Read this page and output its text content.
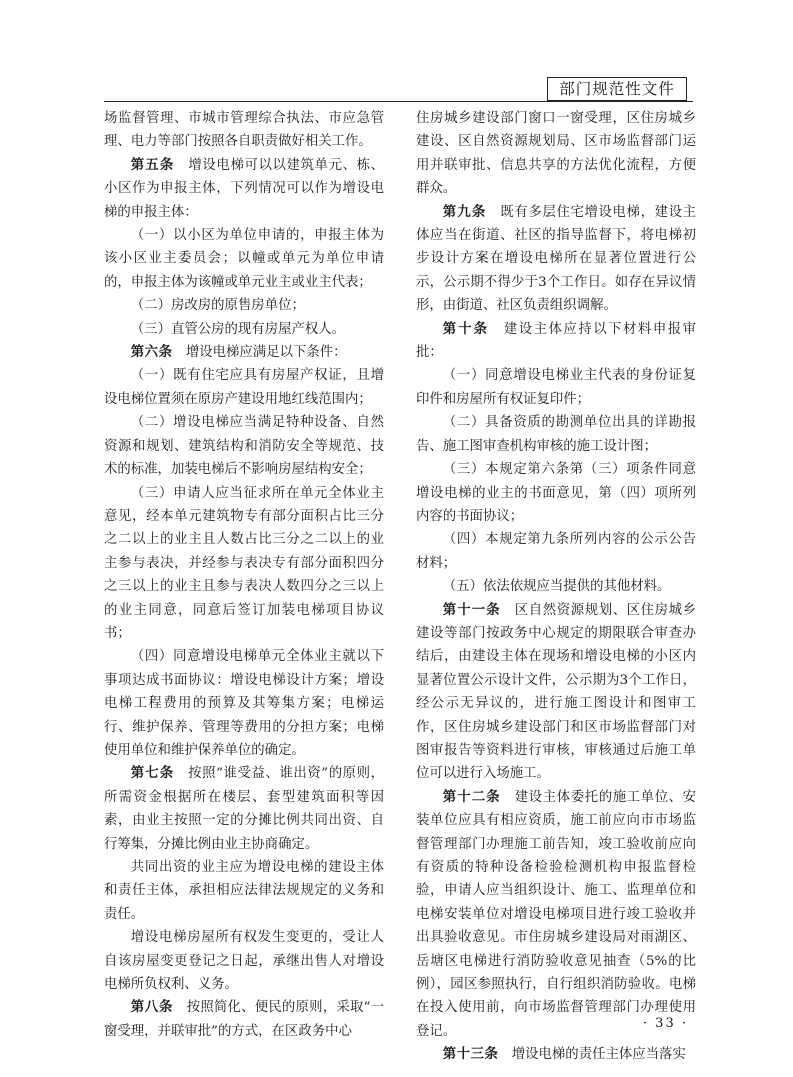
部门规范性文件

场监督管理、市城市管理综合执法、市应急管理、电力等部门按照各自职责做好相关工作。

第五条　 增设电梯可以以建筑单元、栋、小区作为申报主体，下列情况可以作为增设电梯的申报主体：

（一）以小区为单位申请的，申报主体为该小区业主委员会；以幢或单元为单位申请的，申报主体为该幢或单元业主或业主代表；

（二）房改房的原售房单位；

（三）直管公房的现有房屋产权人。

第六条　 增设电梯应满足以下条件：

（一）既有住宅应具有房屋产权证，且增设电梯位置须在原房产建设用地红线范围内；

（二）增设电梯应当满足特种设备、自然资源和规划、建筑结构和消防安全等规范、技术的标准，加装电梯后不影响房屋结构安全；

（三）申请人应当征求所在单元全体业主意见，经本单元建筑物专有部分面积占比三分之二以上的业主且人数占比三分之二以上的业主参与表决，并经参与表决专有部分面积四分之三以上的业主且参与表决人数四分之三以上的业主同意，同意后签订加装电梯项目协议书；

（四）同意增设电梯单元全体业主就以下事项达成书面协议：增设电梯设计方案；增设电梯工程费用的预算及其筹集方案；电梯运行、维护保养、管理等费用的分担方案；电梯使用单位和维护保养单位的确定。

第七条　 按照“谁受益、谁出资”的原则，所需资金根据所在楼层、套型建筑面积等因素，由业主按照一定的分摊比例共同出资、自行筹集，分摊比例由业主协商确定。

共同出资的业主应为增设电梯的建设主体和责任主体，承担相应法律法规规定的义务和责任。

增设电梯房屋所有权发生变更的，受让人自该房屋变更登记之日起，承继出售人对增设电梯所负权利、义务。

第八条　 按照简化、便民的原则，采取“一窗受理，并联审批”的方式，在区政务中心

住房城乡建设部门窗口一窗受理，区住房城乡建设、区自然资源规划局、区市场监督部门运用并联审批、信息共享的方法优化流程，方便群众。

第九条　 既有多层住宅增设电梯，建设主体应当在街道、社区的指导监督下，将电梯初步设计方案在增设电梯所在显著位置进行公示，公示期不得少于3个工作日。如存在异议情形，由街道、社区负责组织调解。

第十条　 建设主体应持以下材料申报审批：

（一）同意增设电梯业主代表的身份证复印件和房屋所有权证复印件；

（二）具备资质的勘测单位出具的详勘报告、施工图审查机构审核的施工设计图；

（三）本规定第六条第（三）项条件同意增设电梯的业主的书面意见，第（四）项所列内容的书面协议；

（四）本规定第九条所列内容的公示公告材料；

（五）依法依规应当提供的其他材料。

第十一条　 区自然资源规划、区住房城乡建设等部门按政务中心规定的期限联合审查办结后，由建设主体在现场和增设电梯的小区内显著位置公示设计文件，公示期为3个工作日，经公示无异议的，进行施工图设计和图审工作，区住房城乡建设部门和区市场监督部门对图审报告等资料进行审核，审核通过后施工单位可以进行入场施工。

第十二条　 建设主体委托的施工单位、安装单位应具有相应资质，施工前应向市市场监督管理部门办理施工前告知，竣工验收前应向有资质的特种设备检验检测机构申报监督检验，申请人应当组织设计、施工、监理单位和电梯安装单位对增设电梯项目进行竣工验收并出具验收意见。市住房城乡建设局对雨湖区、岳塘区电梯进行消防验收意见抽查（5%的比例），园区参照执行，自行组织消防验收。电梯在投入使用前，向市场监督管理部门办理使用登记。

第十三条　 增设电梯的责任主体应当落实

· 33 ·
